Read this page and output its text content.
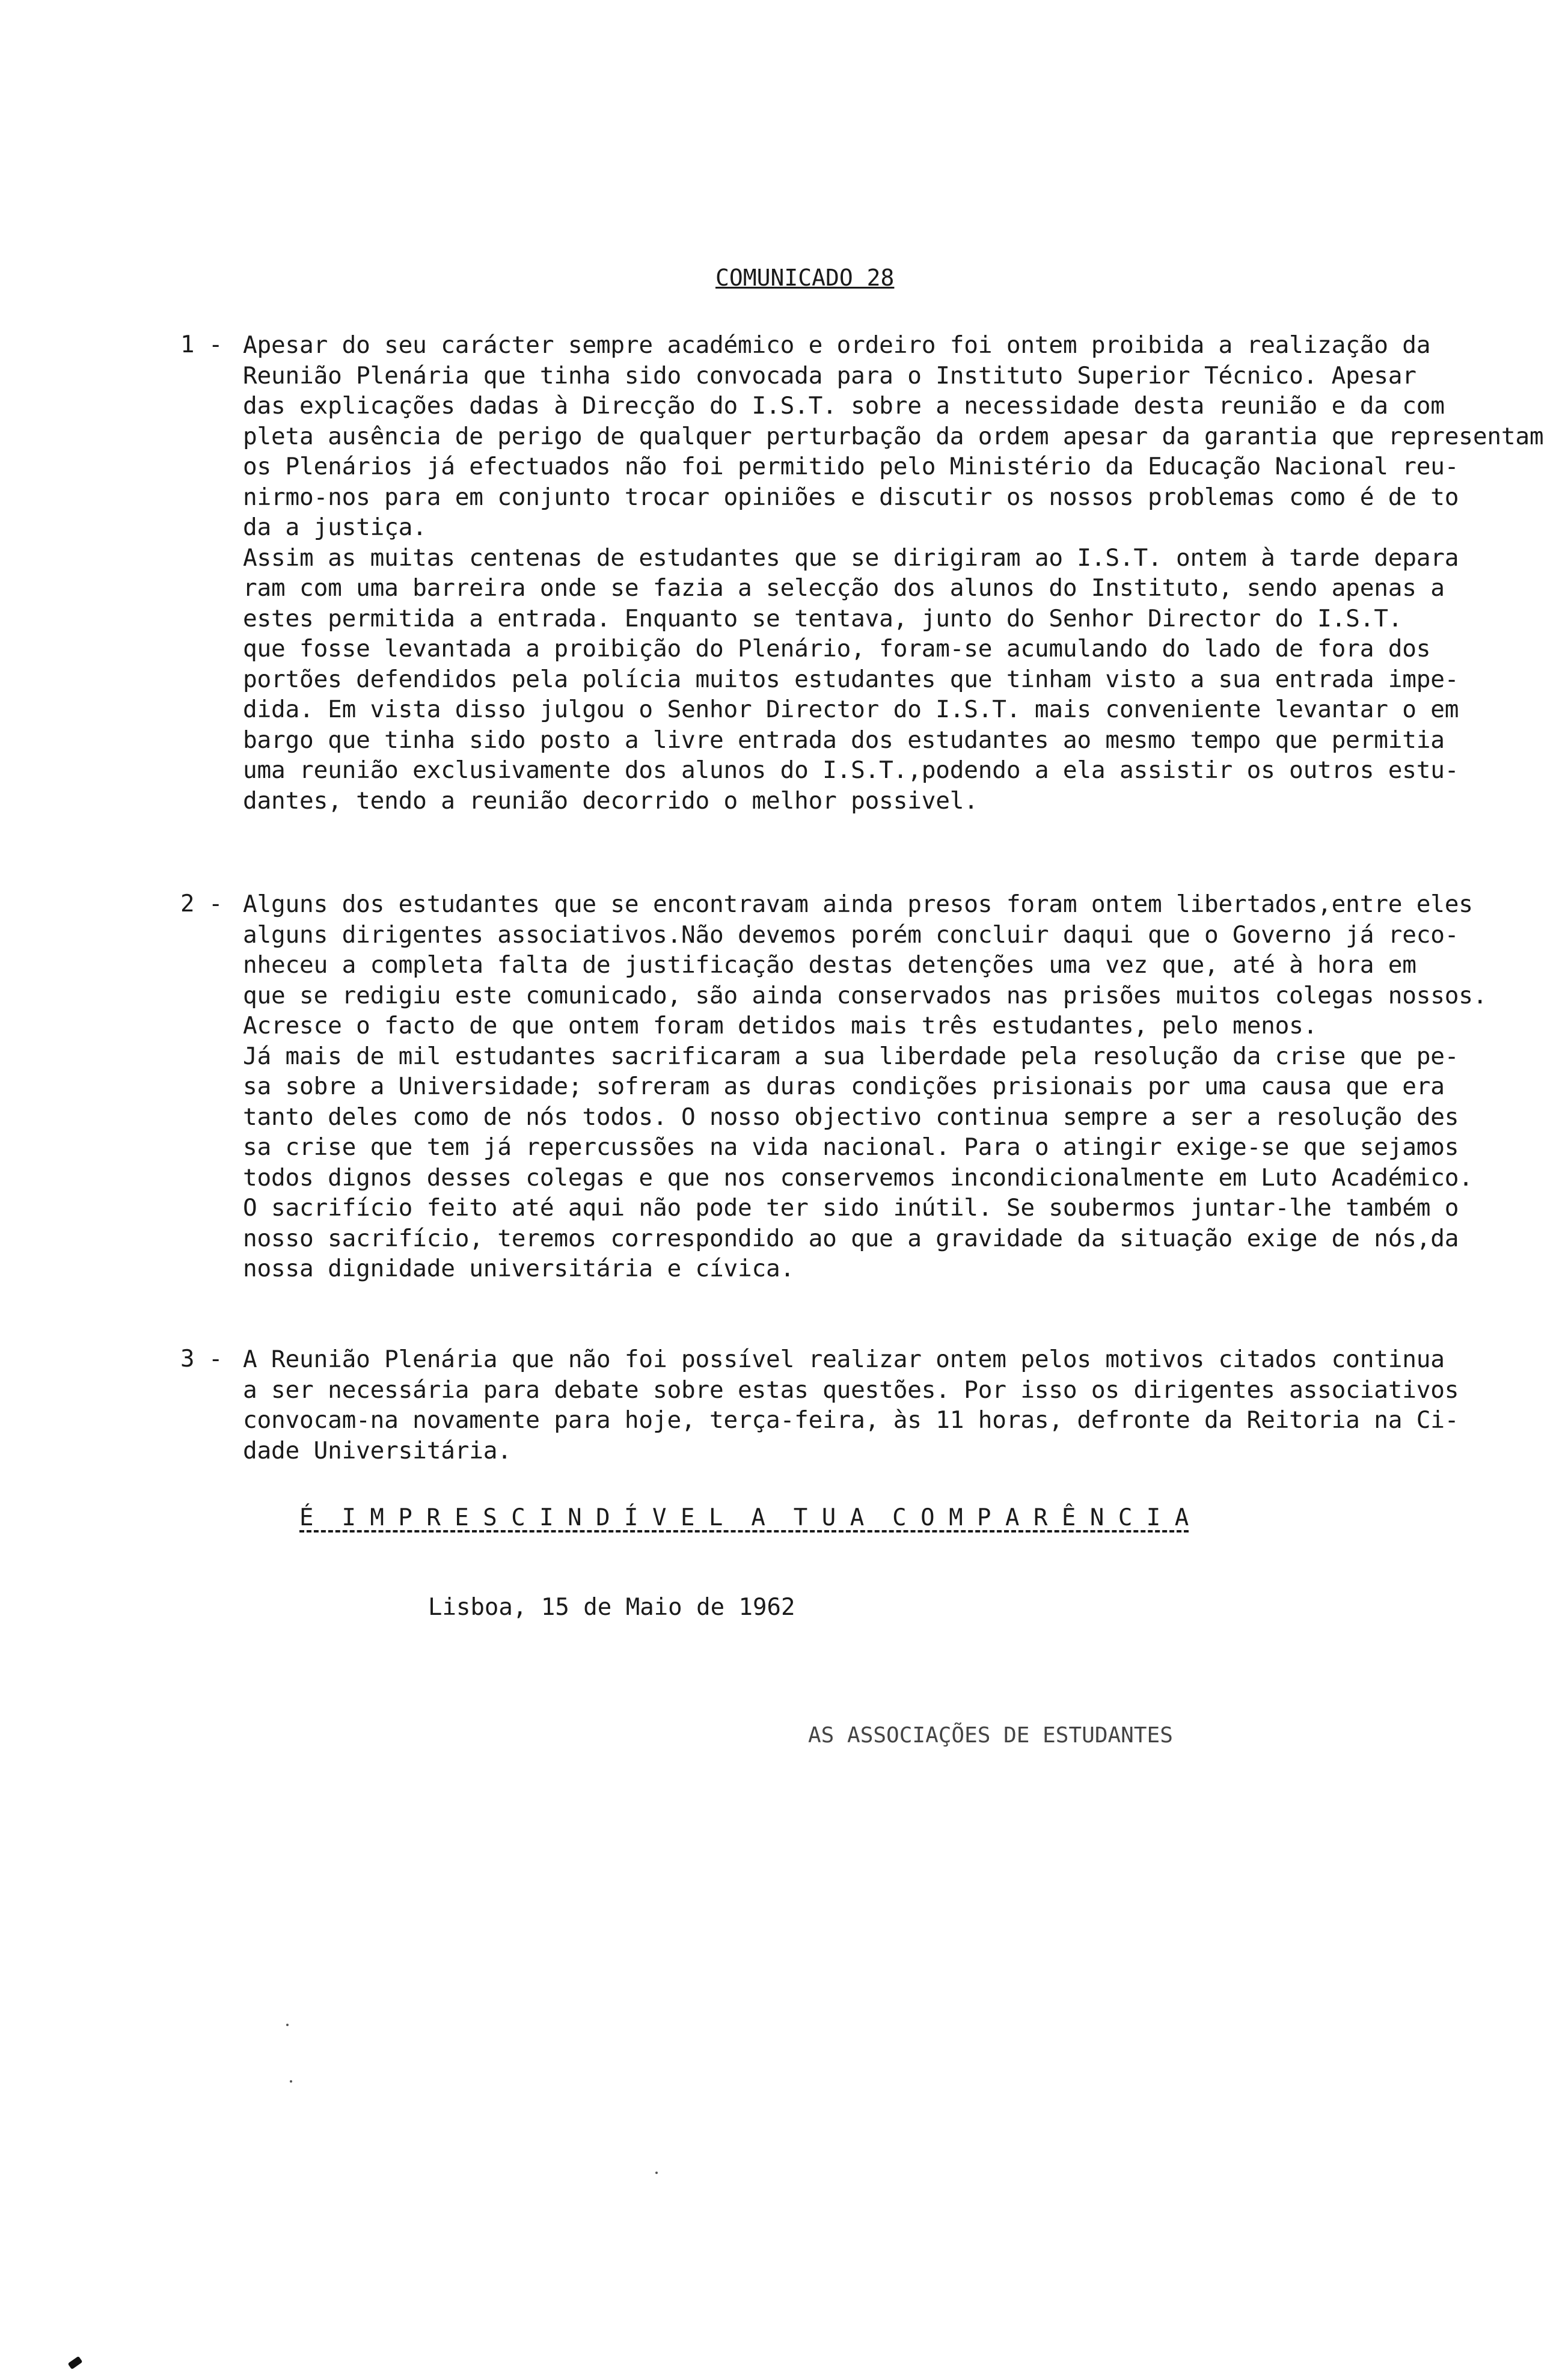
COMUNICADO 28
1 - Apesar do seu carácter sempre académico e ordeiro foi ontem proibida a realização da
Reunião Plenária que tinha sido convocada para o Instituto Superior Técnico. Apesar
das explicações dadas à Direcção do I.S.T. sobre a necessidade desta reunião e da com
pleta ausência de perigo de qualquer perturbação da ordem apesar da garantia que representam
os Plenários já efectuados não foi permitido pelo Ministério da Educação Nacional reu-
nirmo-nos para em conjunto trocar opiniões e discutir os nossos problemas como é de to
da a justiça.
Assim as muitas centenas de estudantes que se dirigiram ao I.S.T. ontem à tarde depara
ram com uma barreira onde se fazia a selecção dos alunos do Instituto, sendo apenas a
estes permitida a entrada. Enquanto se tentava, junto do Senhor Director do I.S.T.
que fosse levantada a proibição do Plenário, foram-se acumulando do lado de fora dos
portões defendidos pela polícia muitos estudantes que tinham visto a sua entrada impe-
dida. Em vista disso julgou o Senhor Director do I.S.T. mais conveniente levantar o em
bargo que tinha sido posto a livre entrada dos estudantes ao mesmo tempo que permitia
uma reunião exclusivamente dos alunos do I.S.T.,podendo a ela assistir os outros estu-
dantes, tendo a reunião decorrido o melhor possivel.
2 - Alguns dos estudantes que se encontravam ainda presos foram ontem libertados,entre eles
alguns dirigentes associativos.Não devemos porém concluir daqui que o Governo já reco-
nheceu a completa falta de justificação destas detenções uma vez que, até à hora em
que se redigiu este comunicado, são ainda conservados nas prisões muitos colegas nossos.
Acresce o facto de que ontem foram detidos mais três estudantes, pelo menos.
Já mais de mil estudantes sacrificaram a sua liberdade pela resolução da crise que pe-
sa sobre a Universidade; sofreram as duras condições prisionais por uma causa que era
tanto deles como de nós todos. O nosso objectivo continua sempre a ser a resolução des
sa crise que tem já repercussões na vida nacional. Para o atingir exige-se que sejamos
todos dignos desses colegas e que nos conservemos incondicionalmente em Luto Académico.
O sacrifício feito até aqui não pode ter sido inútil. Se soubermos juntar-lhe também o
nosso sacrifício, teremos correspondido ao que a gravidade da situação exige de nós,da
nossa dignidade universitária e cívica.
3 - A Reunião Plenária que não foi possível realizar ontem pelos motivos citados continua
a ser necessária para debate sobre estas questões. Por isso os dirigentes associativos
convocam-na novamente para hoje, terça-feira, às 11 horas, defronte da Reitoria na Ci-
dade Universitária.
É  I M P R E S C I N D Í V E L  A  T U A  C O M P A R Ê N C I A
Lisboa, 15 de Maio de 1962
AS ASSOCIAÇÕES DE ESTUDANTES
